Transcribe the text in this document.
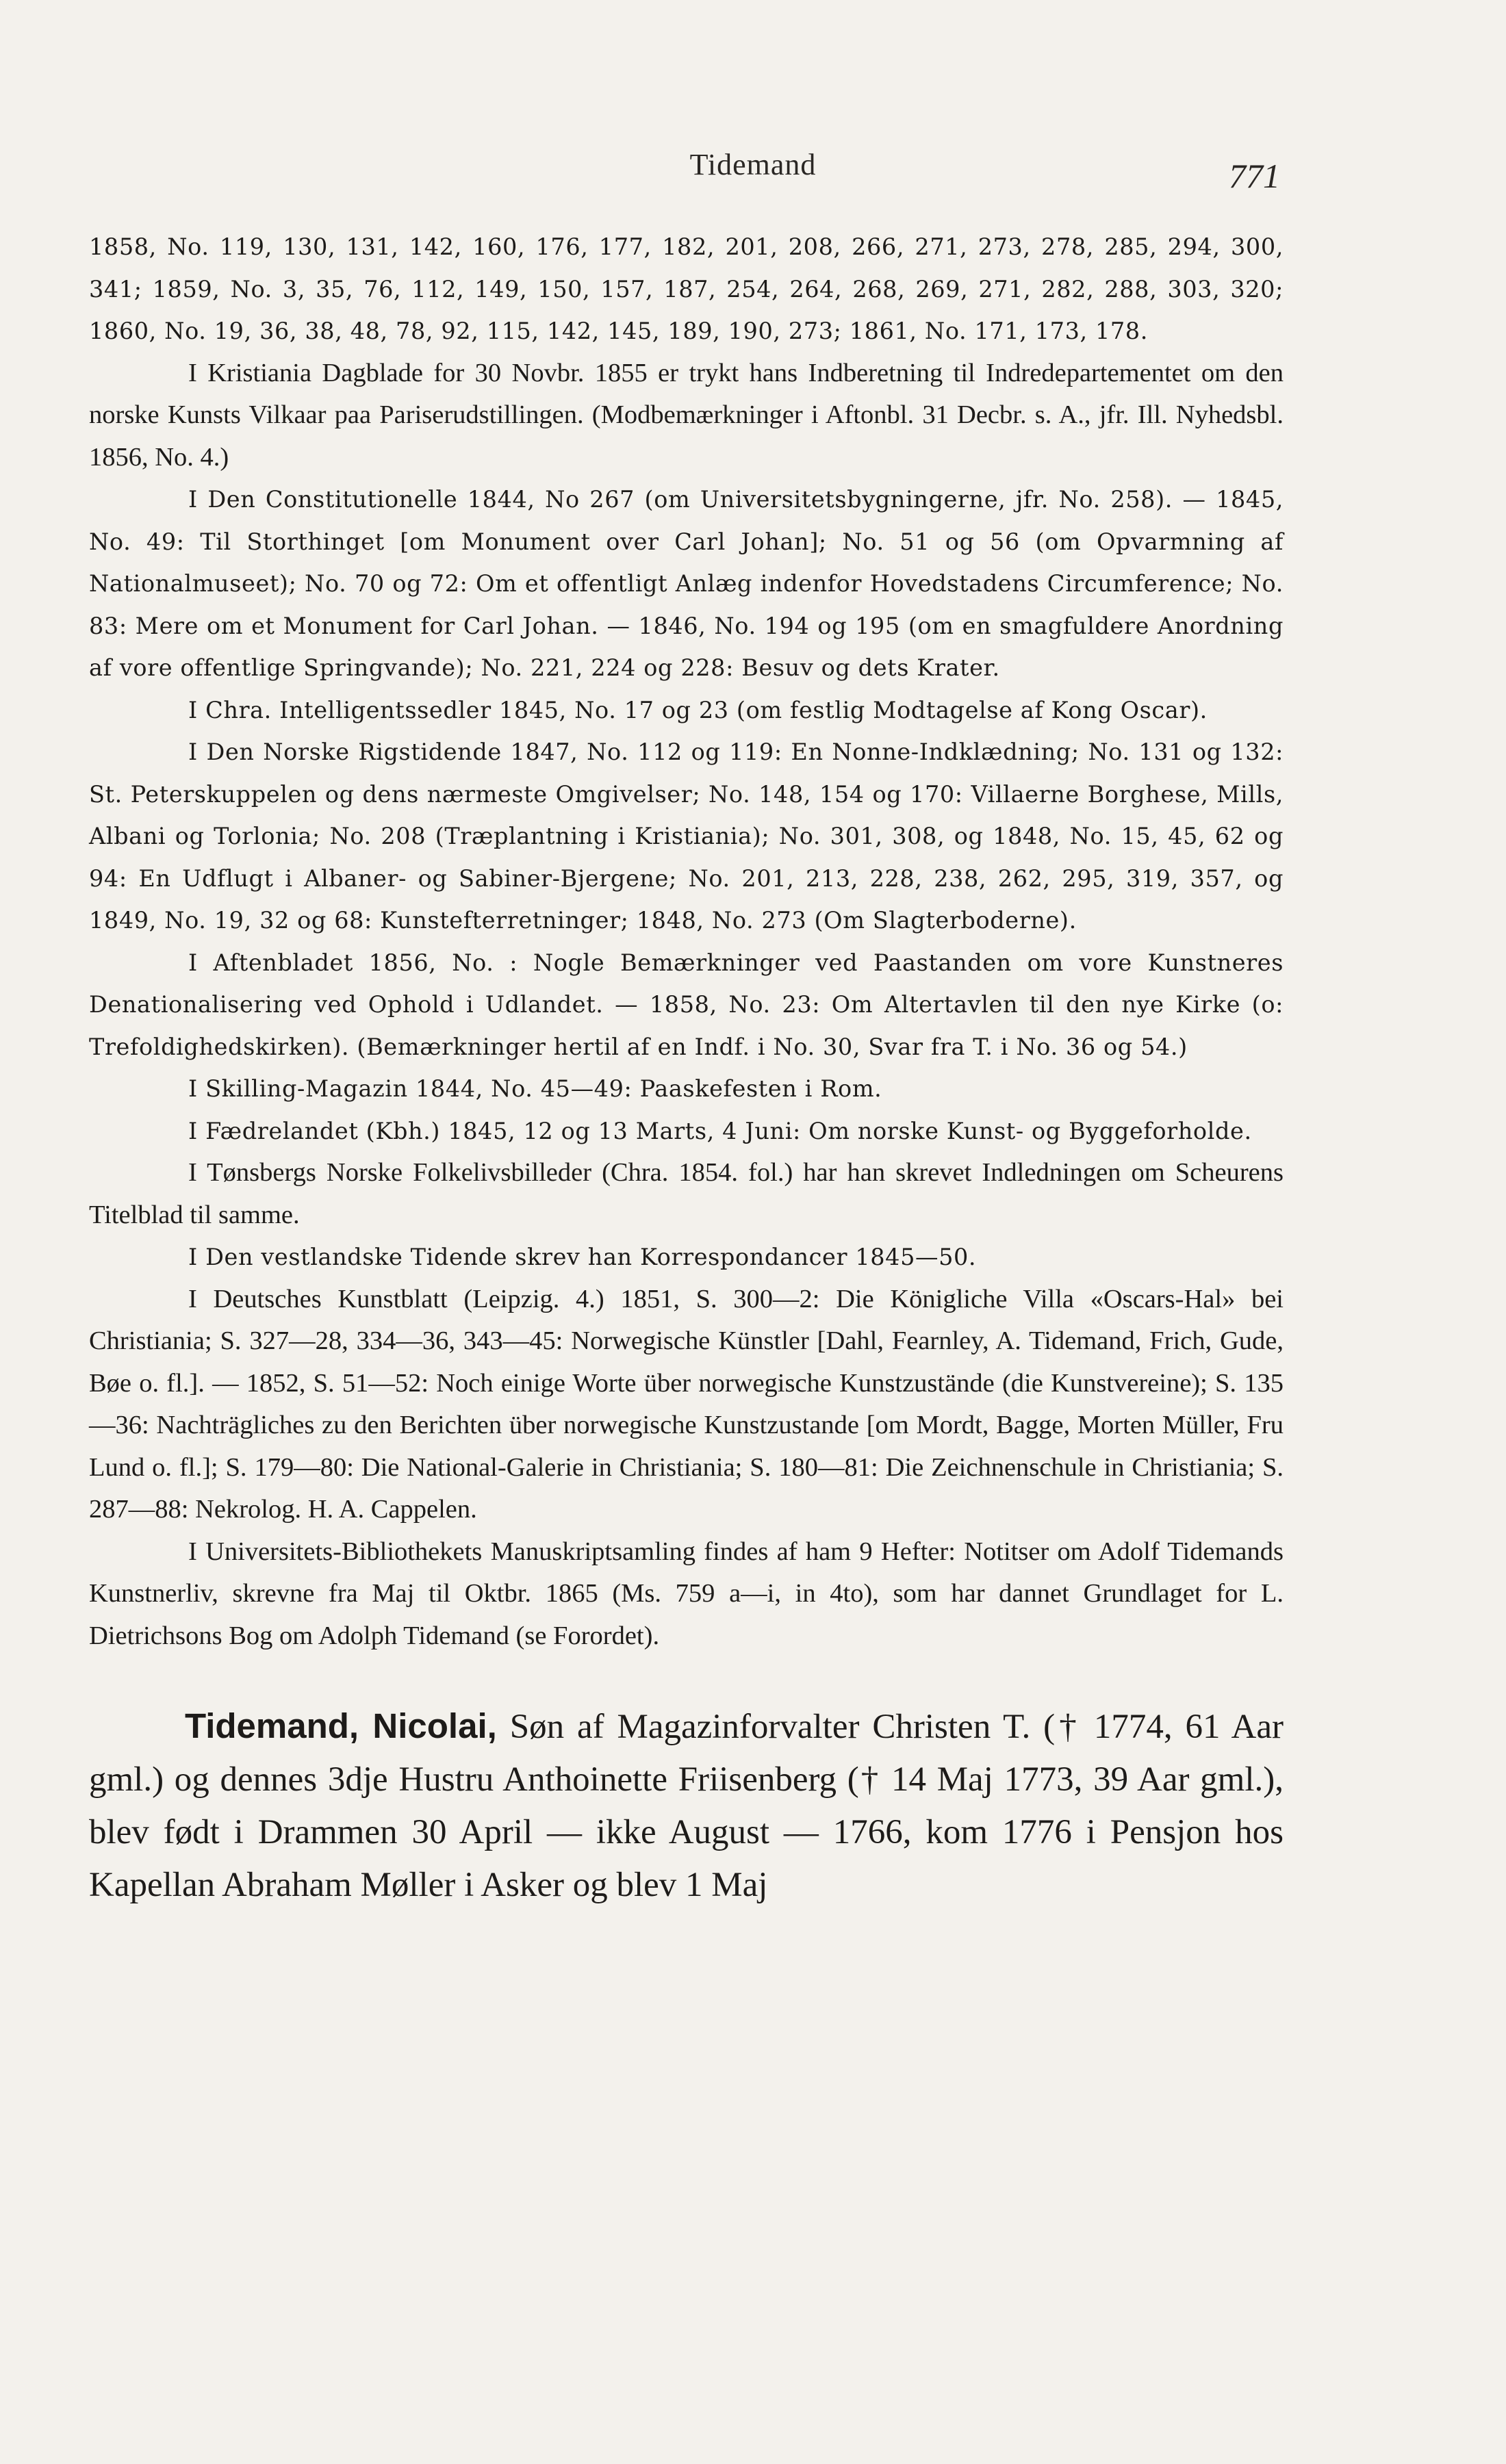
Tidemand	771

1858, No. 119, 130, 131, 142, 160, 176, 177, 182, 201, 208, 266, 271, 273, 278, 285, 294, 300, 341; 1859, No. 3, 35, 76, 112, 149, 150, 157, 187, 254, 264, 268, 269, 271, 282, 288, 303, 320; 1860, No. 19, 36, 38, 48, 78, 92, 115, 142, 145, 189, 190, 273; 1861, No. 171, 173, 178.

I Kristiania Dagblade for 30 Novbr. 1855 er trykt hans Indberetning til Indredepartementet om den norske Kunsts Vilkaar paa Pariserudstillingen. (Modbemærkninger i Aftonbl. 31 Decbr. s. A., jfr. Ill. Nyhedsbl. 1856, No. 4.)

I Den Constitutionelle 1844, No 267 (om Universitetsbygningerne, jfr. No. 258). — 1845, No. 49: Til Storthinget [om Monument over Carl Johan]; No. 51 og 56 (om Opvarmning af Nationalmuseet); No. 70 og 72: Om et offentligt Anlæg indenfor Hovedstadens Circumference; No. 83: Mere om et Monument for Carl Johan. — 1846, No. 194 og 195 (om en smagfuldere Anordning af vore offentlige Springvande); No. 221, 224 og 228: Besuv og dets Krater.

I Chra. Intelligentssedler 1845, No. 17 og 23 (om festlig Modtagelse af Kong Oscar).

I Den Norske Rigstidende 1847, No. 112 og 119: En Nonne-Indklædning; No. 131 og 132: St. Peterskuppelen og dens nærmeste Omgivelser; No. 148, 154 og 170: Villaerne Borghese, Mills, Albani og Torlonia; No. 208 (Træplantning i Kristiania); No. 301, 308, og 1848, No. 15, 45, 62 og 94: En Udflugt i Albaner- og Sabiner-Bjergene; No. 201, 213, 228, 238, 262, 295, 319, 357, og 1849, No. 19, 32 og 68: Kunstefterretninger; 1848, No. 273 (Om Slagterboderne).

I Aftenbladet 1856, No. : Nogle Bemærkninger ved Paastanden om vore Kunstneres Denationalisering ved Ophold i Udlandet. — 1858, No. 23: Om Altertavlen til den nye Kirke (o: Trefoldighedskirken). (Bemærkninger hertil af en Indf. i No. 30, Svar fra T. i No. 36 og 54.)

I Skilling-Magazin 1844, No. 45—49: Paaskefesten i Rom.

I Fædrelandet (Kbh.) 1845, 12 og 13 Marts, 4 Juni: Om norske Kunst- og Byggeforholde.

I Tønsbergs Norske Folkelivsbilleder (Chra. 1854. fol.) har han skrevet Indledningen om Scheurens Titelblad til samme.

I Den vestlandske Tidende skrev han Korrespondancer 1845—50.

I Deutsches Kunstblatt (Leipzig. 4.) 1851, S. 300—2: Die Königliche Villa «Oscars-Hal» bei Christiania; S. 327—28, 334—36, 343—45: Norwegische Künstler [Dahl, Fearnley, A. Tidemand, Frich, Gude, Bøe o. fl.]. — 1852, S. 51—52: Noch einige Worte über norwegische Kunstzustände (die Kunstvereine); S. 135—36: Nachträgliches zu den Berichten über norwegische Kunstzustande [om Mordt, Bagge, Morten Müller, Fru Lund o. fl.]; S. 179—80: Die National-Galerie in Christiania; S. 180—81: Die Zeichnenschule in Christiania; S. 287—88: Nekrolog. H. A. Cappelen.

I Universitets-Bibliothekets Manuskriptsamling findes af ham 9 Hefter: Notitser om Adolf Tidemands Kunstnerliv, skrevne fra Maj til Oktbr. 1865 (Ms. 759 a—i, in 4to), som har dannet Grundlaget for L. Dietrichsons Bog om Adolph Tidemand (se Forordet).

Tidemand, Nicolai, Søn af Magazinforvalter Christen T. († 1774, 61 Aar gml.) og dennes 3dje Hustru Anthoinette Friisenberg († 14 Maj 1773, 39 Aar gml.), blev født i Drammen 30 April — ikke August — 1766, kom 1776 i Pensjon hos Kapellan Abraham Møller i Asker og blev 1 Maj
